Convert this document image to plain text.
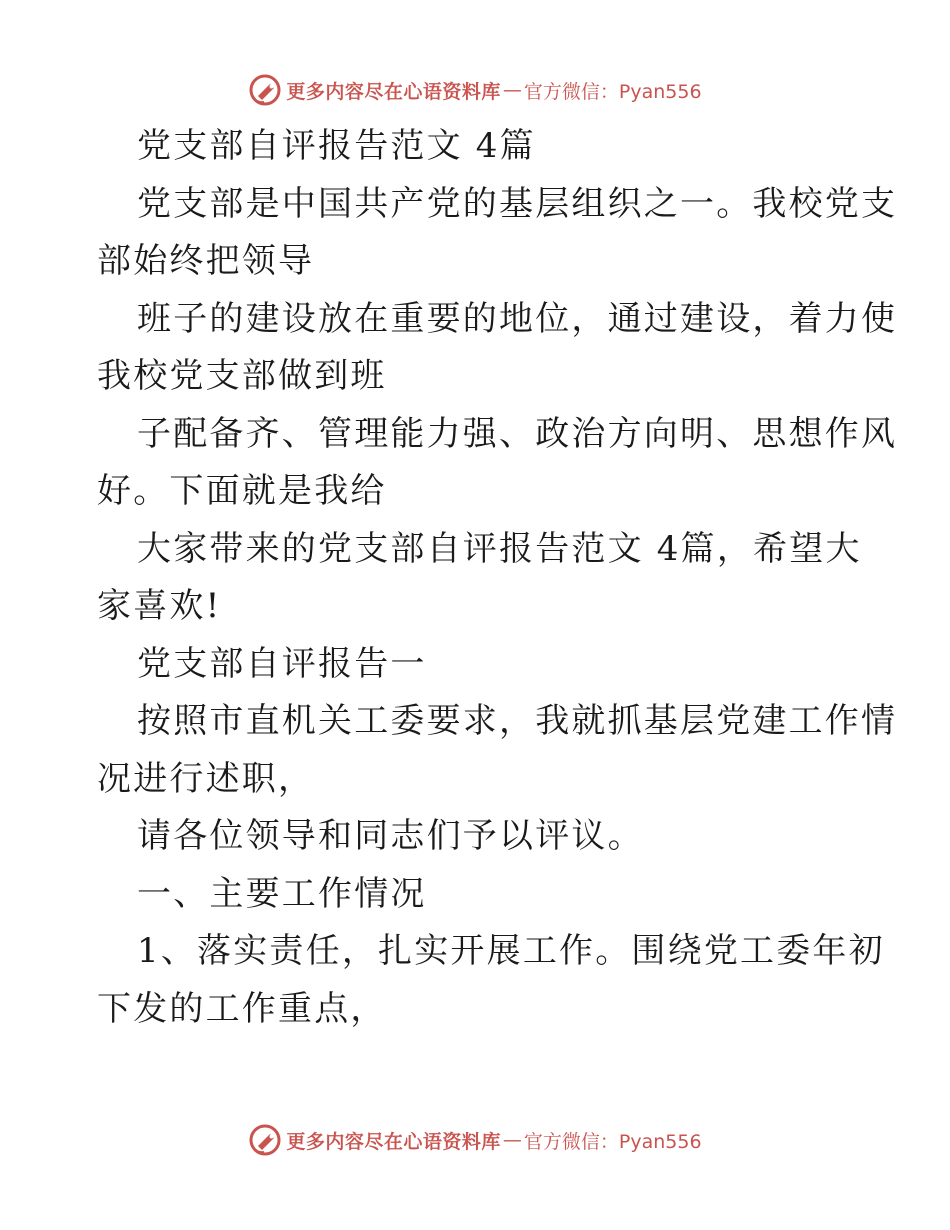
更多内容尽在心语资料库 — 官方微信：Pyan556
党支部自评报告范文 4篇
党支部是中国共产党的基层组织之一。我校党支
部始终把领导
班子的建设放在重要的地位，通过建设，着力使
我校党支部做到班
子配备齐、管理能力强、政治方向明、思想作风
好。下面就是我给
大家带来的党支部自评报告范文 4篇，希望大
家喜欢!
党支部自评报告一
按照市直机关工委要求，我就抓基层党建工作情
况进行述职，
请各位领导和同志们予以评议。
一、主要工作情况
1、落实责任，扎实开展工作。围绕党工委年初
下发的工作重点，
更多内容尽在心语资料库 — 官方微信：Pyan556
